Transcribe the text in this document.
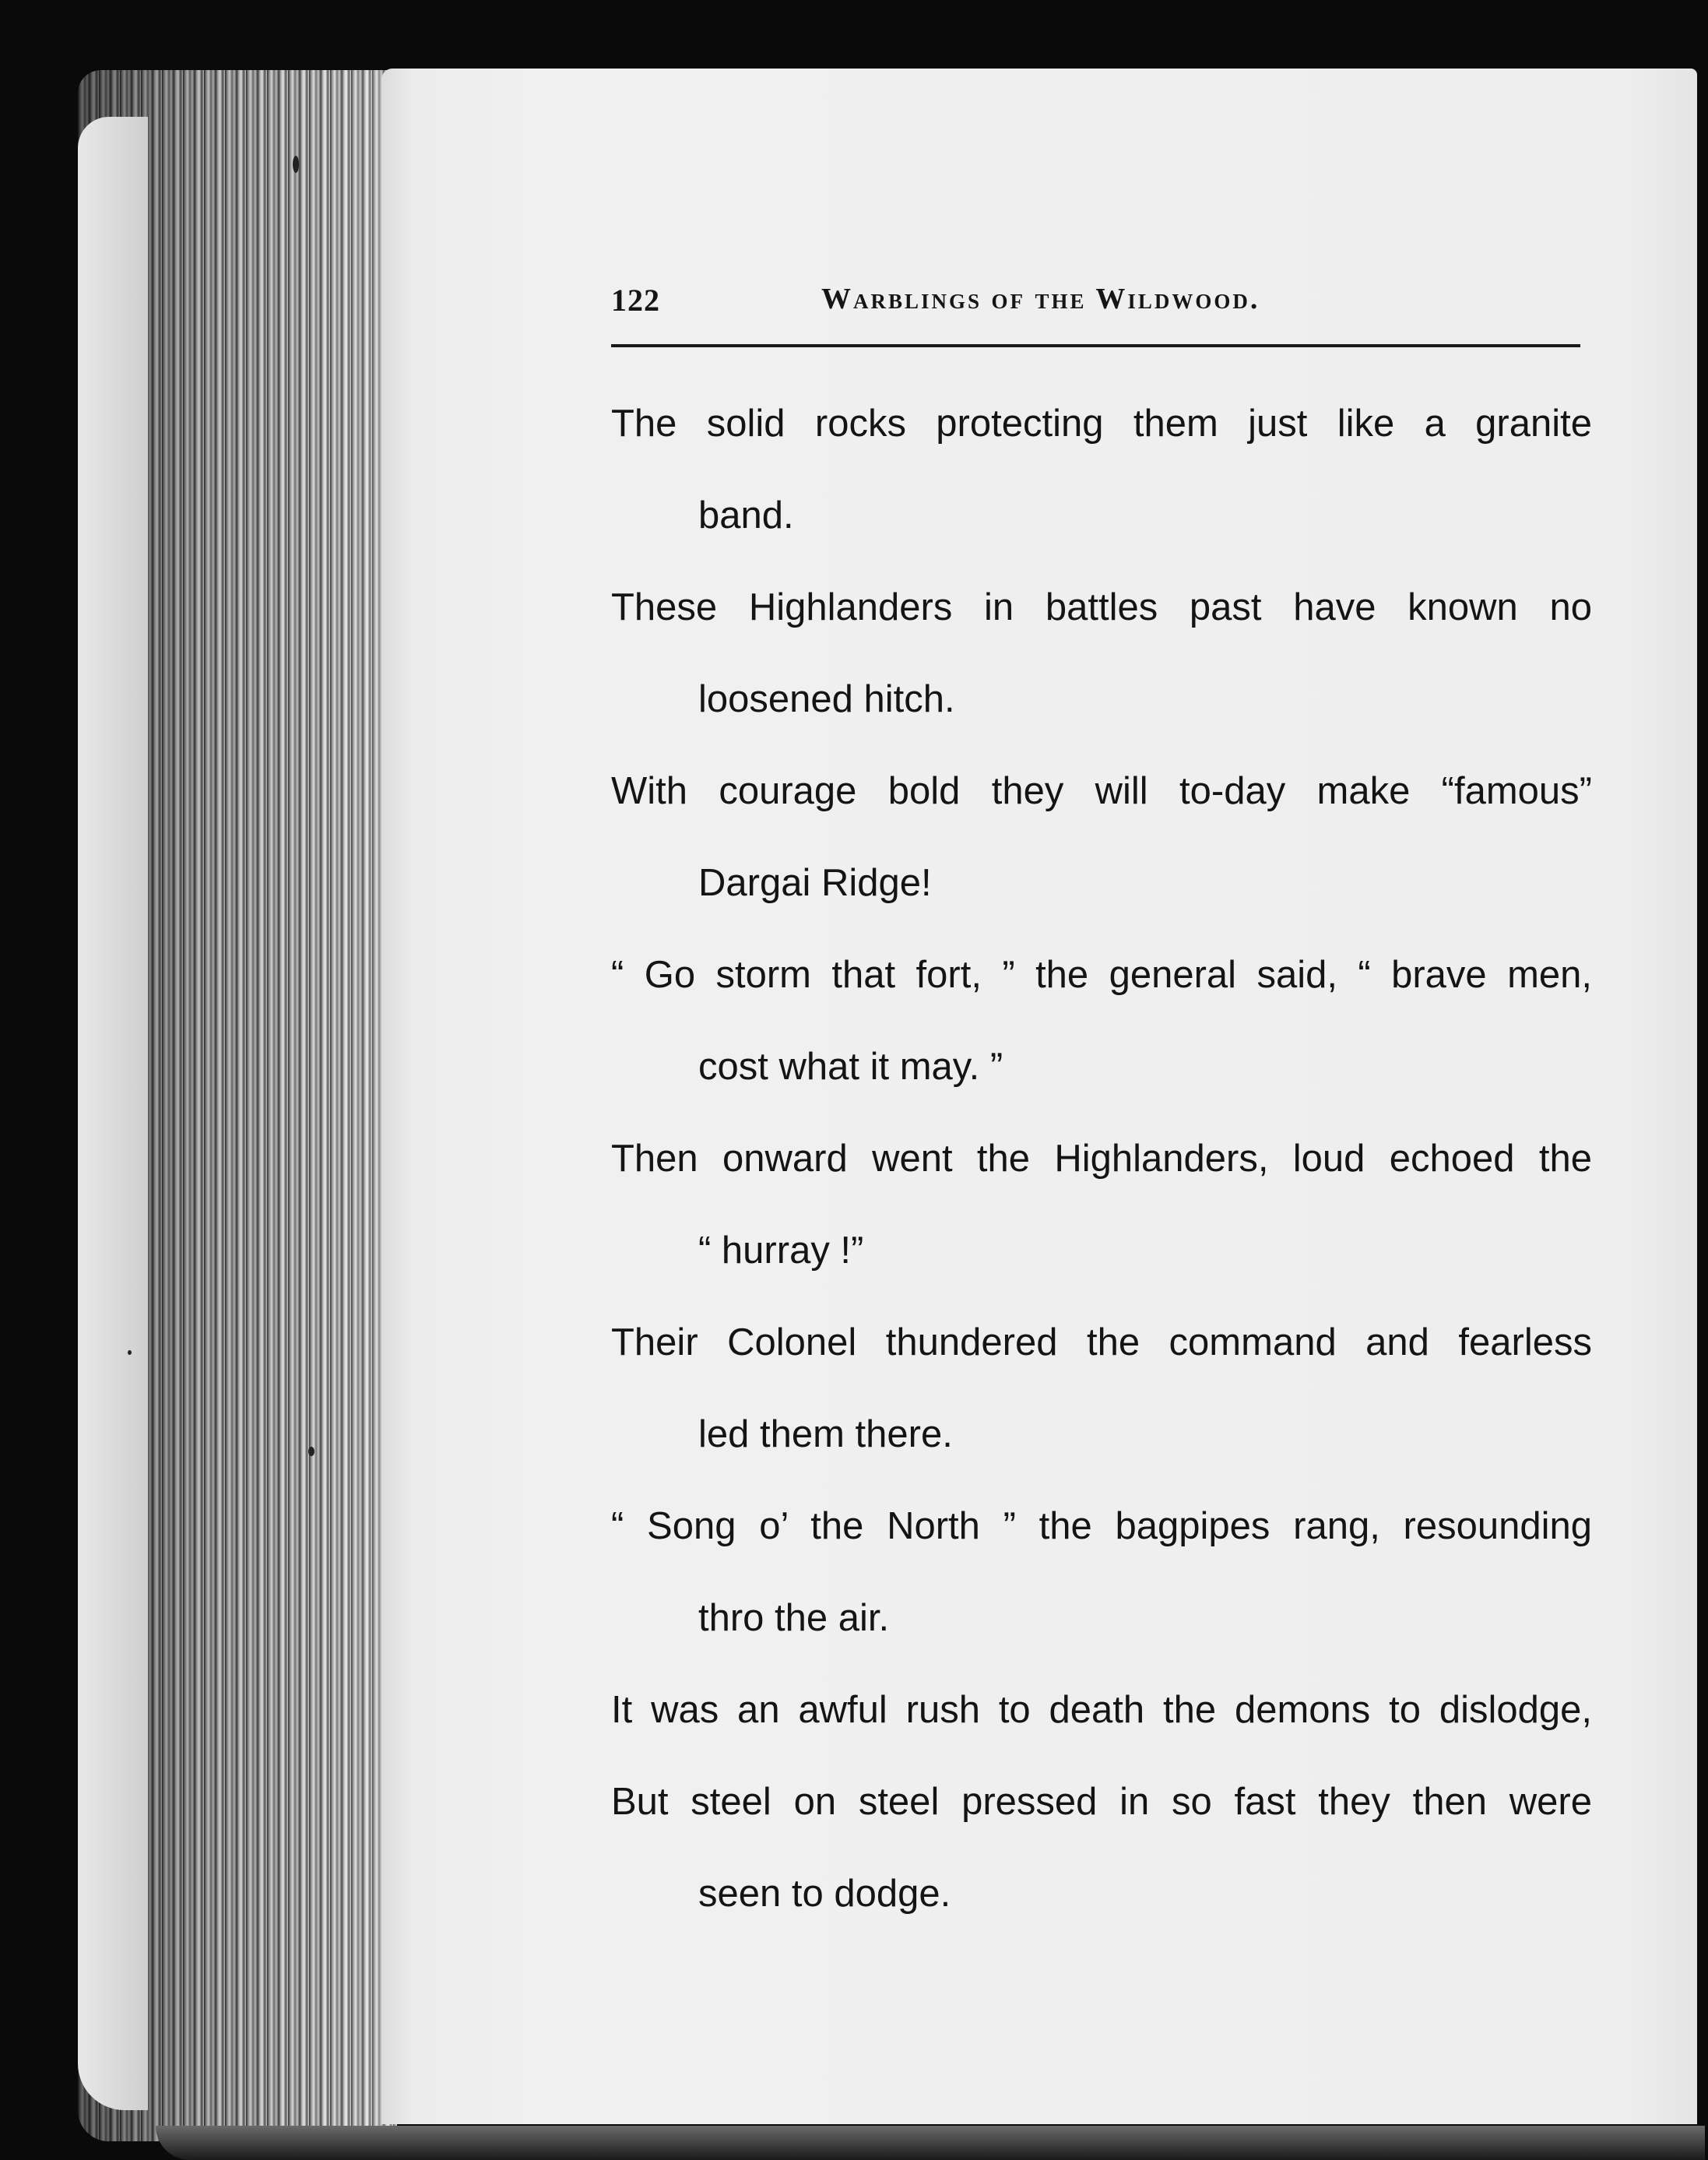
122	Warblings of the Wildwood.
The solid rocks protecting them just like a granite
band.
These Highlanders in battles past have known no
loosened hitch.
With courage bold they will to-day make “famous”
Dargai Ridge!
“ Go storm that fort, ” the general said, “ brave men,
cost what it may. ”
Then onward went the Highlanders, loud echoed the
“ hurray !”
Their Colonel thundered the command and fearless
led them there.
“ Song o’ the North ” the bagpipes rang, resounding
thro the air.
It was an awful rush to death the demons to dislodge,
But steel on steel pressed in so fast they then were
seen to dodge.
